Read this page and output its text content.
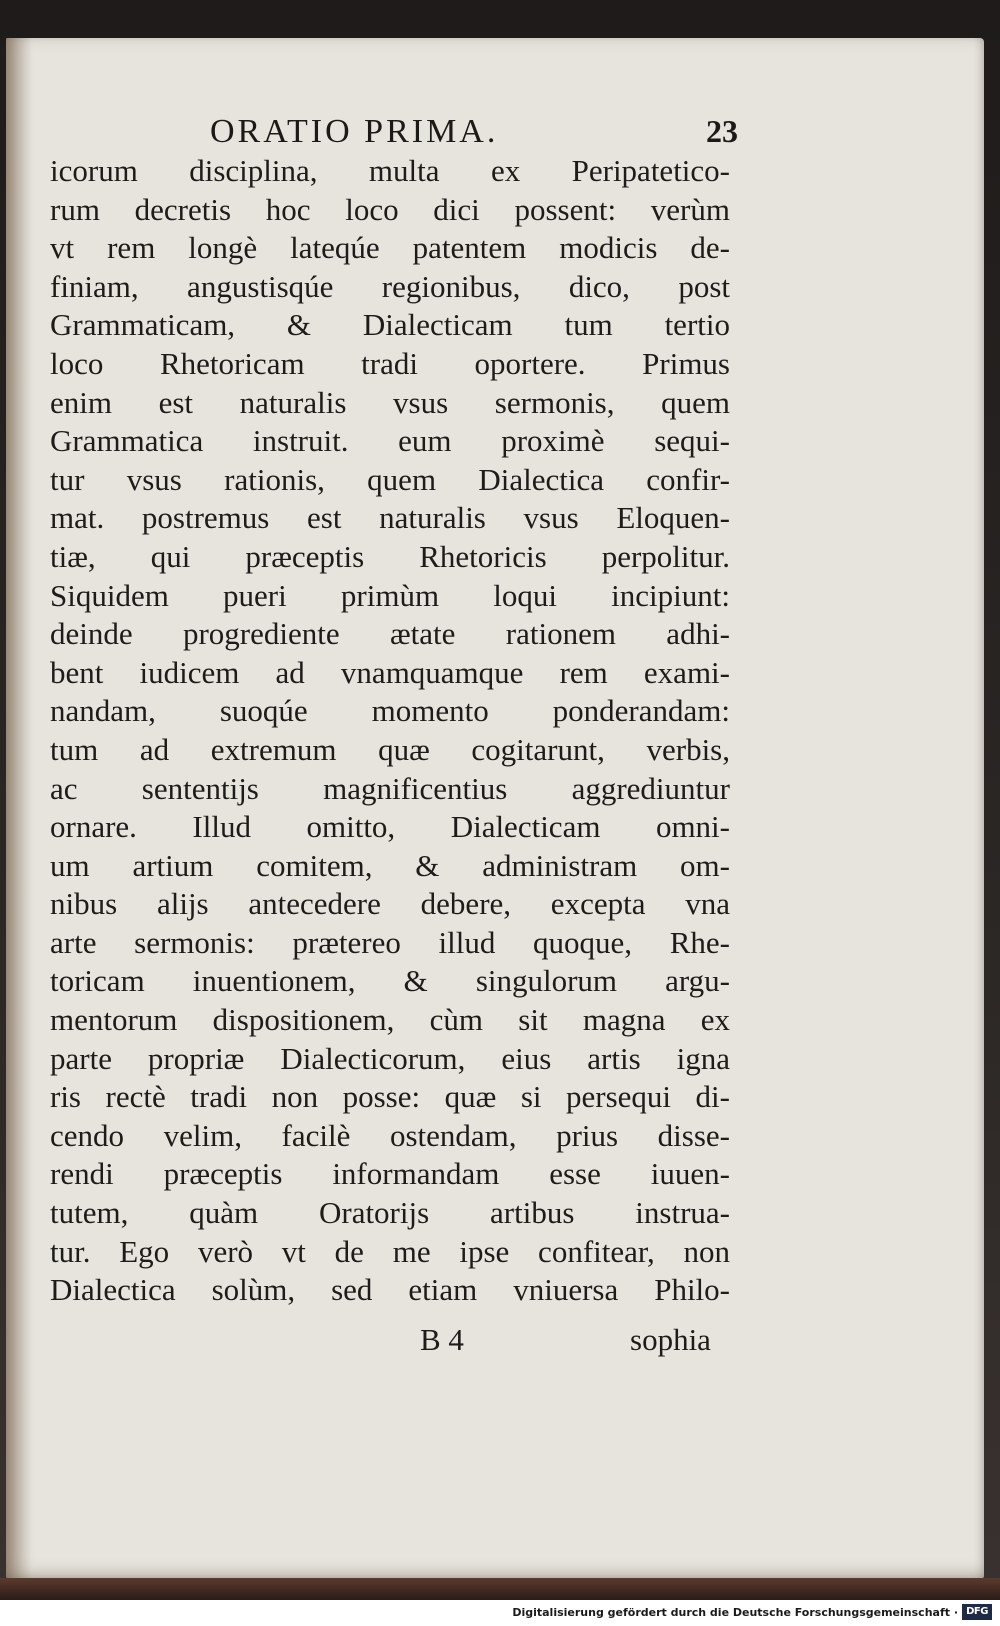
ORATIO PRIMA.	23
icorum disciplina, multa ex Peripatetico-
rum decretis hoc loco dici possent: verùm
vt rem longè lateqúe patentem modicis de-
finiam, angustisqúe regionibus, dico, post
Grammaticam, & Dialecticam tum tertio
loco Rhetoricam tradi oportere. Primus
enim est naturalis vsus sermonis, quem
Grammatica instruit. eum proximè sequi-
tur vsus rationis, quem Dialectica confir-
mat. postremus est naturalis vsus Eloquen-
tiæ, qui præceptis Rhetoricis perpolitur.
Siquidem pueri primùm loqui incipiunt:
deinde progrediente ætate rationem adhi-
bent iudicem ad vnamquamque rem exami-
nandam, suoqúe momento ponderandam:
tum ad extremum quæ cogitarunt, verbis,
ac sententijs magnificentius aggrediuntur
ornare. Illud omitto, Dialecticam omni-
um artium comitem, & administram om-
nibus alijs antecedere debere, excepta vna
arte sermonis: prætereo illud quoque, Rhe-
toricam inuentionem, & singulorum argu-
mentorum dispositionem, cùm sit magna ex
parte propriæ Dialecticorum, eius artis igna
ris rectè tradi non posse: quæ si persequi di-
cendo velim, facilè ostendam, prius disse-
rendi præceptis informandam esse iuuen-
tutem, quàm Oratorijs artibus instrua-
tur. Ego verò vt de me ipse confitear, non
Dialectica solùm, sed etiam vniuersa Philo-
B 4	sophia
Digitalisierung gefördert durch die Deutsche Forschungsgemeinschaft · DFG
